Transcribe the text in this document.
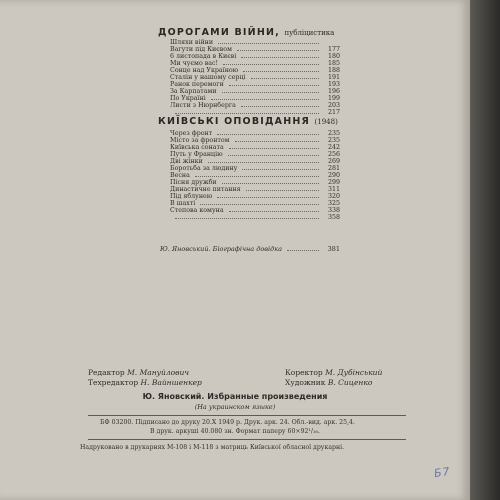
ДОРОГАМИ ВІЙНИ, публіцистика
Шляхи війни
Вагути під Києвом	177
6 листопада в Києві	180
Ми чуємо вас!	185
Сонце над Україною	188
Сталін у нашому серці	191
Ранок перемоги	193
За Карпатами	196
По Україні	199
Листи з Нюрнберга	203
217
КИЇВСЬКІ ОПОВІДАННЯ (1948)
Через фронт	235
Місто за фронтом	235
Київська соната	242
Путь у Францію	256
Дві жінки	269
Боротьба за людину	281
Весна	290
Пісня дружби	299
Династичне питання	311
Під яблунею	320
В шахті	325
Степова комуна	338
358
Ю. Яновський. Біографічна довідка	381
Редактор М. Мануйлович
Техредактор Н. Вайншенкер
Коректор М. Дубінський
Художник В. Сиценко
Ю. Яновский. Избранные произведения
(На украинском языке)
БФ 03200. Підписано до друку 20.X 1949 р. Друк. арк. 24. Обл.-вид. арк. 25,4.
В друк. аркуші 40.080 зн. Формат паперу 60×92¹/₁₆.
Надруковано в друкарнях М-108 і М-118 з матриць Київської обласної друкарні.
Б7
